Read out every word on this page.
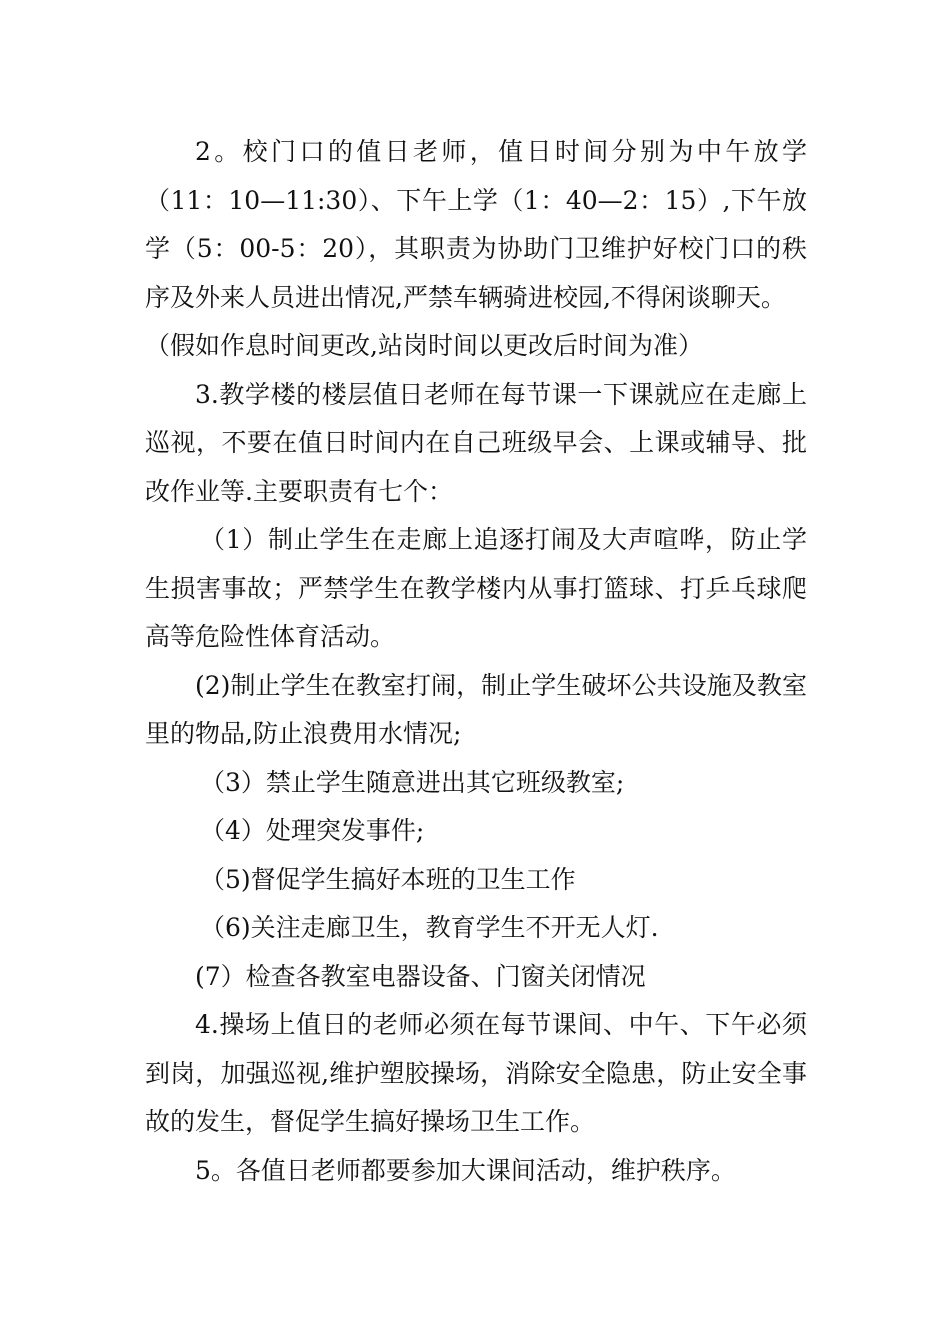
2。校门口的值日老师，值日时间分别为中午放学（11：10—11:30）、下午上学（1：40—2：15）,下午放学（5：00-5：20），其职责为协助门卫维护好校门口的秩序及外来人员进出情况,严禁车辆骑进校园,不得闲谈聊天。

（假如作息时间更改,站岗时间以更改后时间为准）

3.教学楼的楼层值日老师在每节课一下课就应在走廊上巡视，不要在值日时间内在自己班级早会、上课或辅导、批改作业等.主要职责有七个：

（1）制止学生在走廊上追逐打闹及大声喧哗，防止学生损害事故；严禁学生在教学楼内从事打篮球、打乒乓球爬高等危险性体育活动。

(2)制止学生在教室打闹，制止学生破坏公共设施及教室里的物品,防止浪费用水情况;

（3）禁止学生随意进出其它班级教室;

（4）处理突发事件;

（5)督促学生搞好本班的卫生工作

（6)关注走廊卫生，教育学生不开无人灯.

(7）检查各教室电器设备、门窗关闭情况

4.操场上值日的老师必须在每节课间、中午、下午必须到岗，加强巡视,维护塑胶操场，消除安全隐患，防止安全事故的发生，督促学生搞好操场卫生工作。

5。各值日老师都要参加大课间活动，维护秩序。
